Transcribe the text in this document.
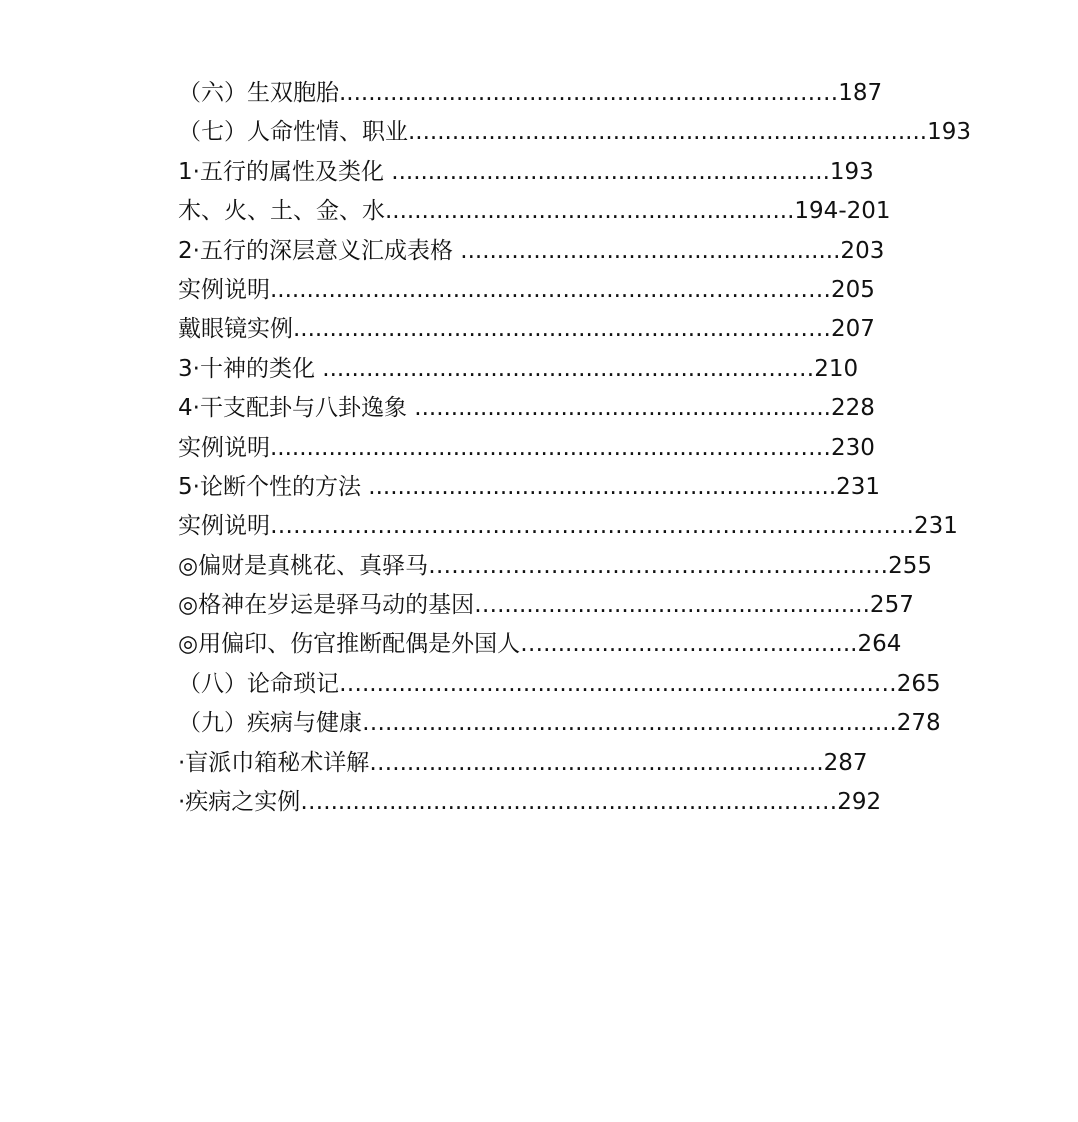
（六）生双胞胎..............................................................……187
（七）人命性情、职业.......................................................................193
1·五行的属性及类化 ............................................................193
木、火、土、金、水........................................................194-201
2·五行的深层意义汇成表格 ....................................................203
实例说明.............................................................……………205
戴眼镜实例.............................................................…………207
3·十神的类化 .............................................................……210
4·干支配卦与八卦逸象 .........................................................228
实例说明.............................................................……………230
5·论断个性的方法 ................................................................231
实例说明…………………………………………………………………………231
◎偏财是真桃花、真驿马……………………………………………………255
◎格神在岁运是驿马动的基因…...................................................257
◎用偏印、伤官推断配偶是外国人…...........................................264
（八）论命琐记…......................................................................…265
（九）疾病与健康…......................................................................278
·盲派巾箱秘术详解…...........................................................287
·疾病之实例…................................................................……292
